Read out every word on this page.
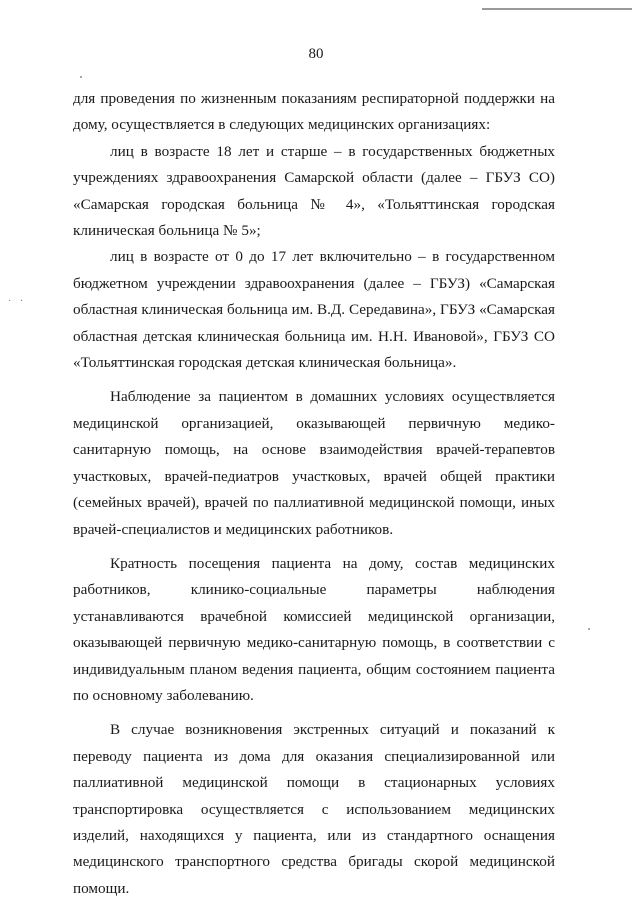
80
· ·

для проведения по жизненным показаниям респираторной поддержки на дому, осуществляется в следующих медицинских организациях:

лиц в возрасте 18 лет и старше – в государственных бюджетных учреждениях здравоохранения Самарской области (далее – ГБУЗ СО) «Самарская городская больница № 4», «Тольяттинская городская клиническая больница № 5»;

лиц в возрасте от 0 до 17 лет включительно – в государственном бюджетном учреждении здравоохранения (далее – ГБУЗ) «Самарская областная клиническая больница им. В.Д. Середавина», ГБУЗ «Самарская областная детская клиническая больница им. Н.Н. Ивановой», ГБУЗ СО «Тольяттинская городская детская клиническая больница».

Наблюдение за пациентом в домашних условиях осуществляется медицинской организацией, оказывающей первичную медико-санитарную помощь, на основе взаимодействия врачей-терапевтов участковых, врачей-педиатров участковых, врачей общей практики (семейных врачей), врачей по паллиативной медицинской помощи, иных врачей-специалистов и медицинских работников.

Кратность посещения пациента на дому, состав медицинских работников, клинико-социальные параметры наблюдения устанавливаются врачебной комиссией медицинской организации, оказывающей первичную медико-санитарную помощь, в соответствии с индивидуальным планом ведения пациента, общим состоянием пациента по основному заболеванию.

В случае возникновения экстренных ситуаций и показаний к переводу пациента из дома для оказания специализированной или паллиативной медицинской помощи в стационарных условиях транспортировка осуществляется с использованием медицинских изделий, находящихся у пациента, или из стандартного оснащения медицинского транспортного средства бригады скорой медицинской помощи.
